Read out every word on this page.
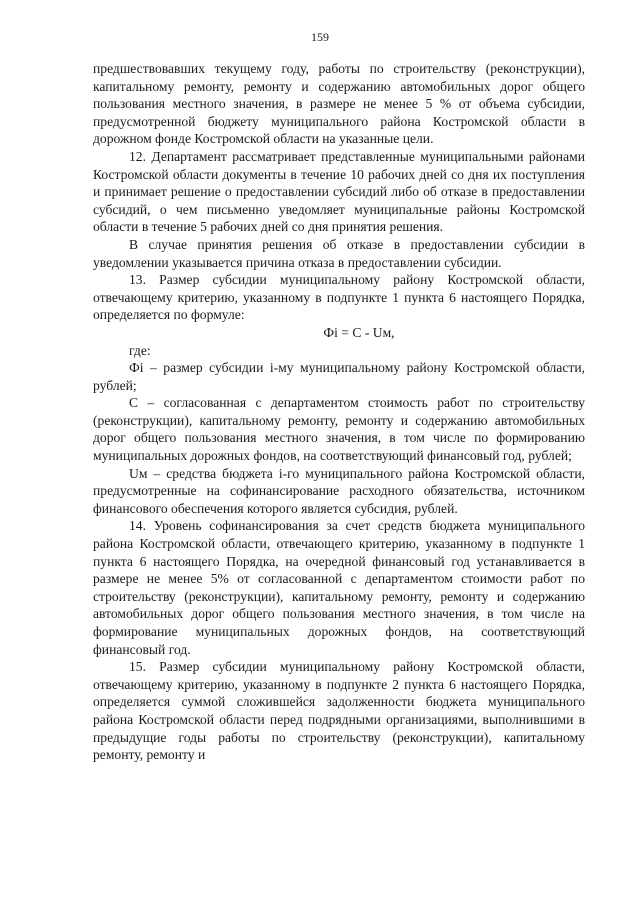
159

предшествовавших текущему году, работы по строительству (реконструкции), капитальному ремонту, ремонту и содержанию автомобильных дорог общего пользования местного значения, в размере не менее 5 % от объема субсидии, предусмотренной бюджету муниципального района Костромской области в дорожном фонде Костромской области на указанные цели.

12. Департамент рассматривает представленные муниципальными районами Костромской области документы в течение 10 рабочих дней со дня их поступления и принимает решение о предоставлении субсидий либо об отказе в предоставлении субсидий, о чем письменно уведомляет муниципальные районы Костромской области в течение 5 рабочих дней со дня принятия решения.

В случае принятия решения об отказе в предоставлении субсидии в уведомлении указывается причина отказа в предоставлении субсидии.

13. Размер субсидии муниципальному району Костромской области, отвечающему критерию, указанному в подпункте 1 пункта 6 настоящего Порядка, определяется по формуле:

Фi = С - Uм,

где:

Фi – размер субсидии i-му муниципальному району Костромской области, рублей;

С – согласованная с департаментом стоимость работ по строительству (реконструкции), капитальному ремонту, ремонту и содержанию автомобильных дорог общего пользования местного значения, в том числе по формированию муниципальных дорожных фондов, на соответствующий финансовый год, рублей;

Uм – средства бюджета i-го муниципального района Костромской области, предусмотренные на софинансирование расходного обязательства, источником финансового обеспечения которого является субсидия, рублей.

14. Уровень софинансирования за счет средств бюджета муниципального района Костромской области, отвечающего критерию, указанному в подпункте 1 пункта 6 настоящего Порядка, на очередной финансовый год устанавливается в размере не менее 5% от согласованной с департаментом стоимости работ по строительству (реконструкции), капитальному ремонту, ремонту и содержанию автомобильных дорог общего пользования местного значения, в том числе на формирование муниципальных дорожных фондов, на соответствующий финансовый год.

15. Размер субсидии муниципальному району Костромской области, отвечающему критерию, указанному в подпункте 2 пункта 6 настоящего Порядка, определяется суммой сложившейся задолженности бюджета муниципального района Костромской области перед подрядными организациями, выполнившими в предыдущие годы работы по строительству (реконструкции), капитальному ремонту, ремонту и
